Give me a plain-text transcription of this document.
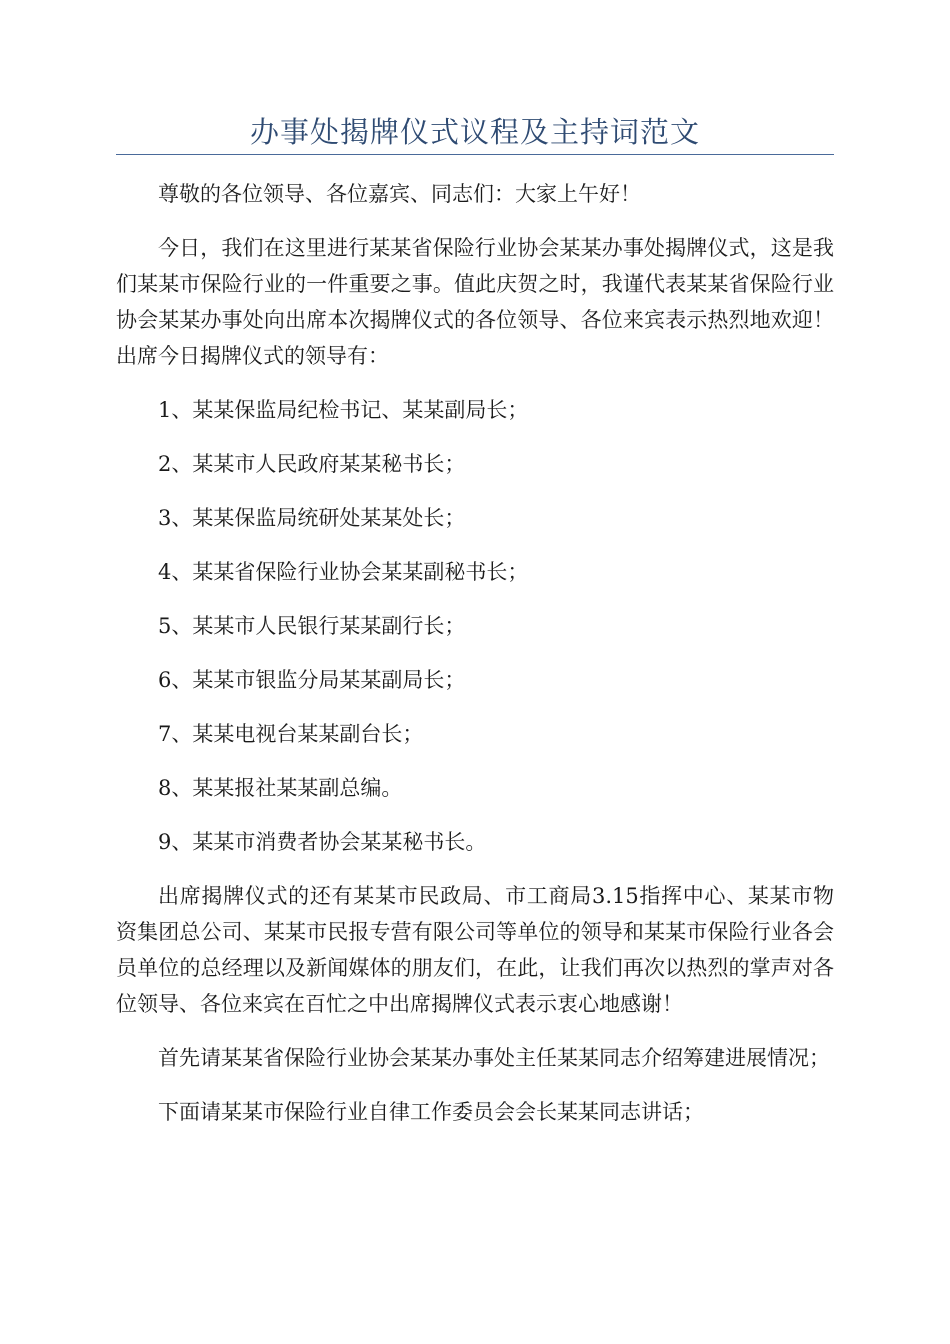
办事处揭牌仪式议程及主持词范文

尊敬的各位领导、各位嘉宾、同志们：大家上午好！

今日，我们在这里进行某某省保险行业协会某某办事处揭牌仪式，这是我们某某市保险行业的一件重要之事。值此庆贺之时，我谨代表某某省保险行业协会某某办事处向出席本次揭牌仪式的各位领导、各位来宾表示热烈地欢迎！出席今日揭牌仪式的领导有：

1、某某保监局纪检书记、某某副局长；

2、某某市人民政府某某秘书长；

3、某某保监局统研处某某处长；

4、某某省保险行业协会某某副秘书长；

5、某某市人民银行某某副行长；

6、某某市银监分局某某副局长；

7、某某电视台某某副台长；

8、某某报社某某副总编。

9、某某市消费者协会某某秘书长。

出席揭牌仪式的还有某某市民政局、市工商局3.15指挥中心、某某市物资集团总公司、某某市民报专营有限公司等单位的领导和某某市保险行业各会员单位的总经理以及新闻媒体的朋友们，在此，让我们再次以热烈的掌声对各位领导、各位来宾在百忙之中出席揭牌仪式表示衷心地感谢！

首先请某某省保险行业协会某某办事处主任某某同志介绍筹建进展情况；

下面请某某市保险行业自律工作委员会会长某某同志讲话；
